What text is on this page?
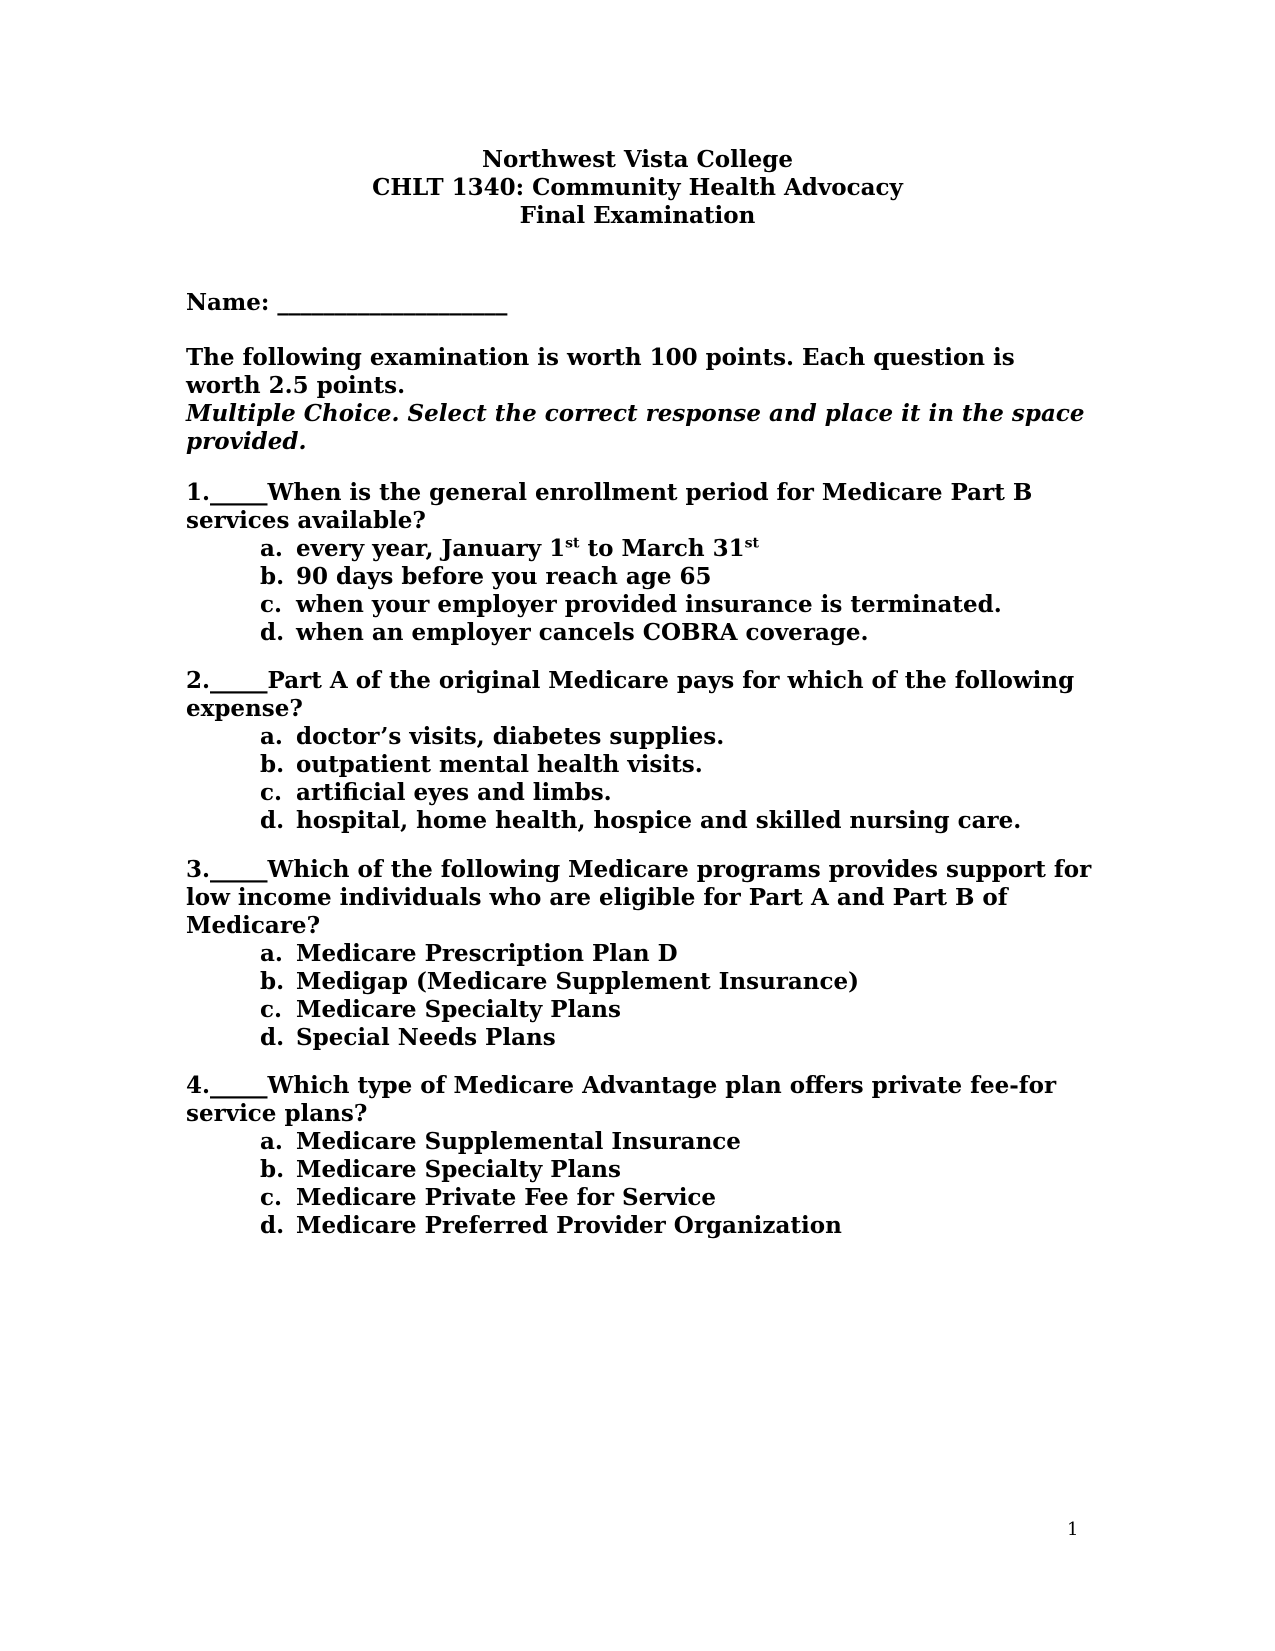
Northwest Vista College
CHLT 1340: Community Health Advocacy
Final Examination
Name: ____________________
The following examination is worth 100 points. Each question is worth 2.5 points.
Multiple Choice. Select the correct response and place it in the space provided.

1._____When is the general enrollment period for Medicare Part B services available?

a. every year, January 1st to March 31st
b. 90 days before you reach age 65
c. when your employer provided insurance is terminated.
d. when an employer cancels COBRA coverage.

2._____Part A of the original Medicare pays for which of the following expense?

a. doctor’s visits, diabetes supplies.
b. outpatient mental health visits.
c. artificial eyes and limbs.
d. hospital, home health, hospice and skilled nursing care.

3._____Which of the following Medicare programs provides support for low income individuals who are eligible for Part A and Part B of Medicare?

a. Medicare Prescription Plan D
b. Medigap (Medicare Supplement Insurance)
c. Medicare Specialty Plans
d. Special Needs Plans

4._____Which type of Medicare Advantage plan offers private fee-for service plans?

a. Medicare Supplemental Insurance
b. Medicare Specialty Plans
c. Medicare Private Fee for Service
d. Medicare Preferred Provider Organization
1
